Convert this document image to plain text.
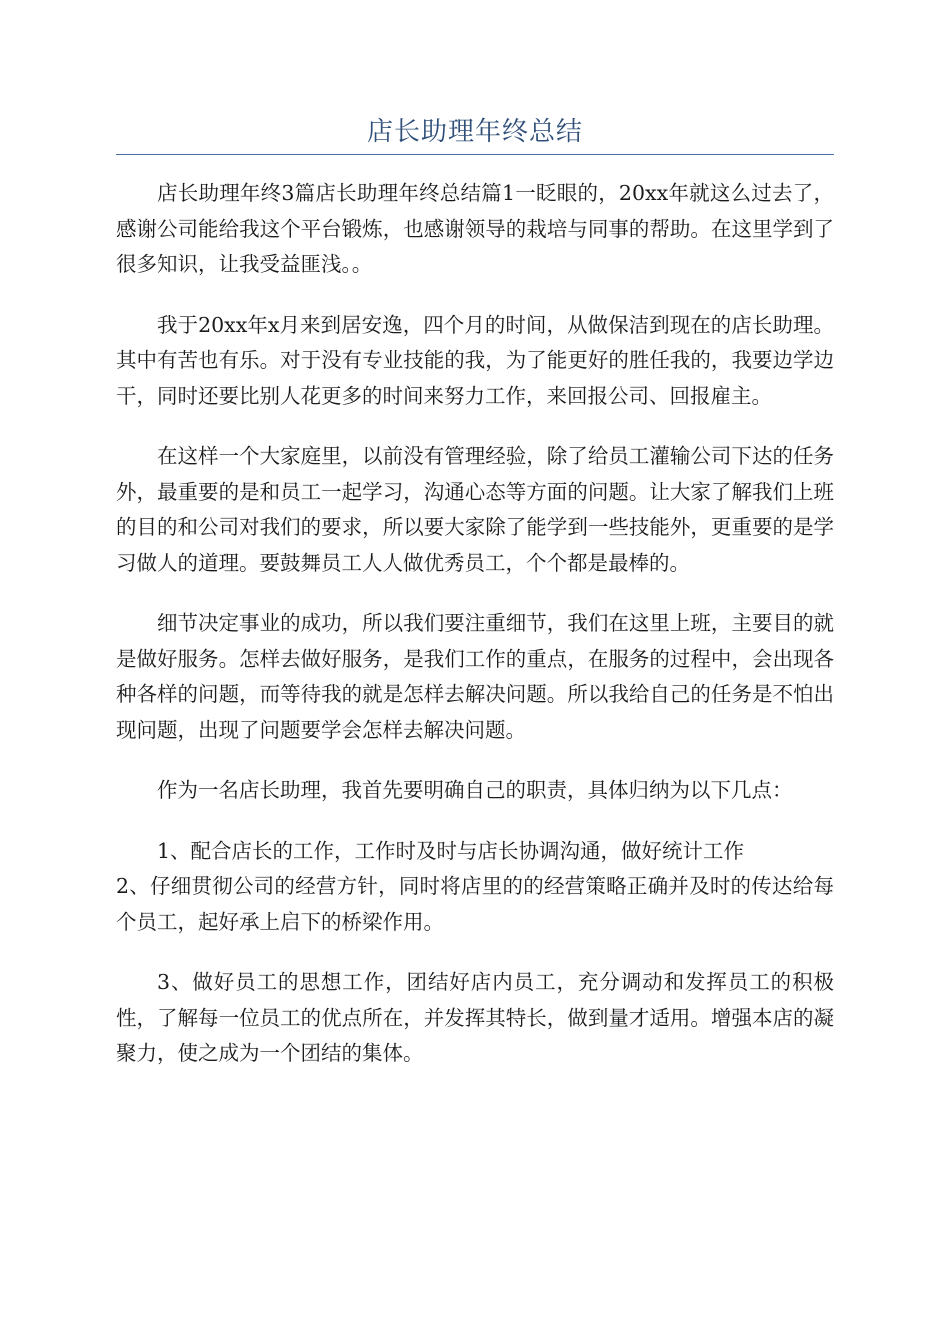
店长助理年终总结

店长助理年终3篇店长助理年终总结篇1一眨眼的，20xx年就这么过去了，感谢公司能给我这个平台锻炼，也感谢领导的栽培与同事的帮助。在这里学到了很多知识，让我受益匪浅。。

我于20xx年x月来到居安逸，四个月的时间，从做保洁到现在的店长助理。其中有苦也有乐。对于没有专业技能的我，为了能更好的胜任我的，我要边学边干，同时还要比别人花更多的时间来努力工作，来回报公司、回报雇主。

在这样一个大家庭里，以前没有管理经验，除了给员工灌输公司下达的任务外，最重要的是和员工一起学习，沟通心态等方面的问题。让大家了解我们上班的目的和公司对我们的要求，所以要大家除了能学到一些技能外，更重要的是学习做人的道理。要鼓舞员工人人做优秀员工，个个都是最棒的。

细节决定事业的成功，所以我们要注重细节，我们在这里上班，主要目的就是做好服务。怎样去做好服务，是我们工作的重点，在服务的过程中，会出现各种各样的问题，而等待我的就是怎样去解决问题。所以我给自己的任务是不怕出现问题，出现了问题要学会怎样去解决问题。

作为一名店长助理，我首先要明确自己的职责，具体归纳为以下几点：

1、配合店长的工作，工作时及时与店长协调沟通，做好统计工作
2、仔细贯彻公司的经营方针，同时将店里的的经营策略正确并及时的传达给每个员工，起好承上启下的桥梁作用。

3、做好员工的思想工作，团结好店内员工，充分调动和发挥员工的积极性，了解每一位员工的优点所在，并发挥其特长，做到量才适用。增强本店的凝聚力，使之成为一个团结的集体。
